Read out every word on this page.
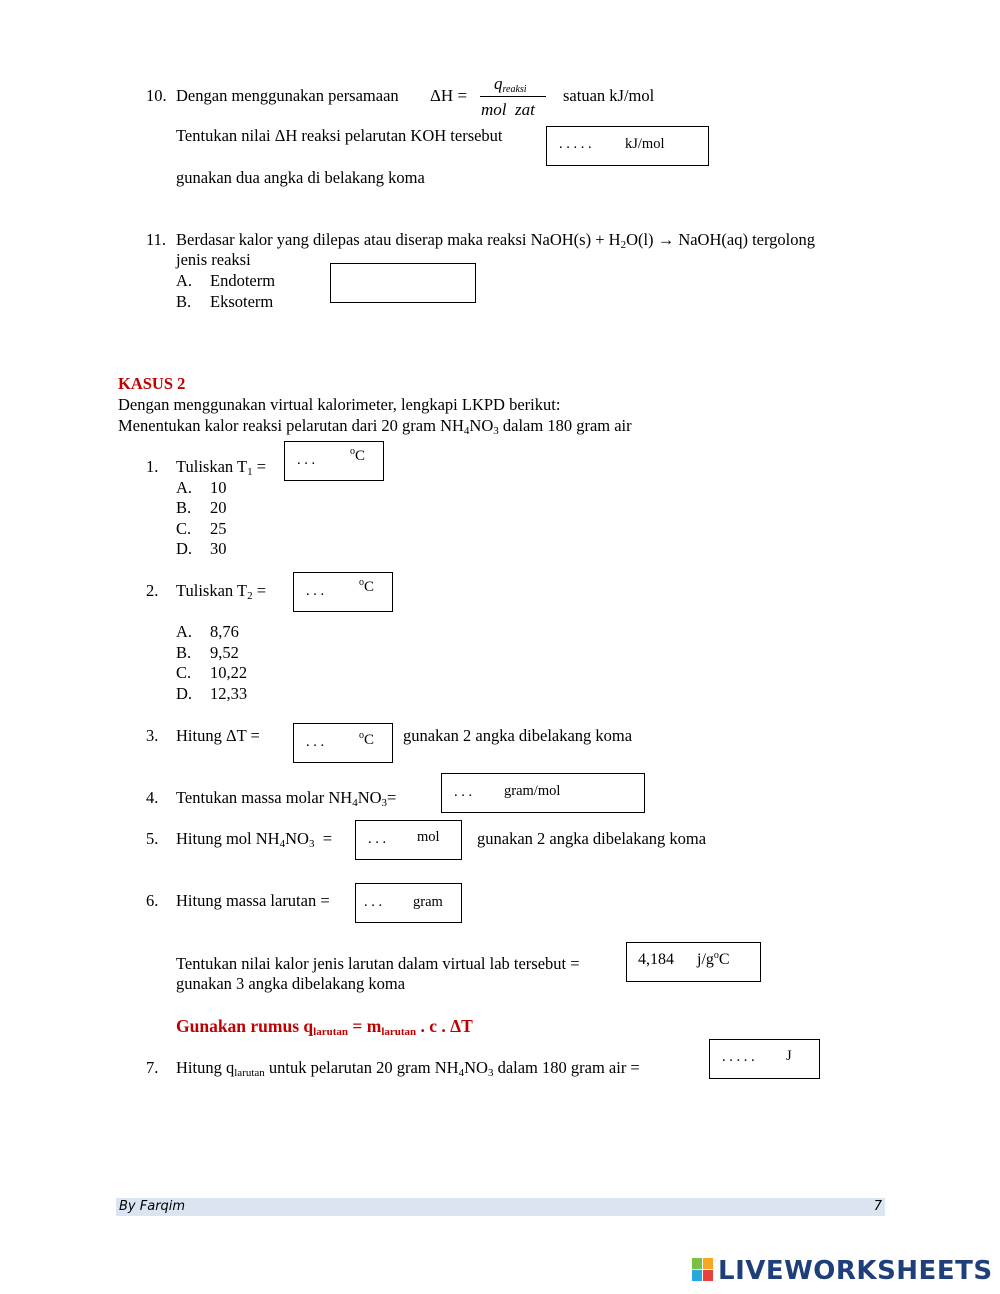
10. Dengan menggunakan persamaan ΔH =
$q_{reaksi}$
mol  zat
satuan kJ/mol
Tentukan nilai ΔH reaksi pelarutan KOH tersebut	. . . . . kJ/mol
gunakan dua angka di belakang koma
11. Berdasar kalor yang dilepas atau diserap maka reaksi NaOH(s) + $H_2O(l)$ → NaOH(aq) tergolong
jenis reaksi
A. Endoterm
B. Eksoterm
KASUS 2
Dengan menggunakan virtual kalorimeter, lengkapi LKPD berikut:
Menentukan kalor reaksi pelarutan dari 20 gram $NH_4NO_3$ dalam 180 gram air
1. Tuliskan $T_1$ = . . .
$^o$C
A. 10
B. 20
C. 25
D. 30
2. Tuliskan $T_2$ =	. . .
$^o$C
A. 8,76
B. 9,52
C. 10,22
D. 12,33
3. Hitung ΔT =	. . .	$^o$C gunakan 2 angka dibelakang koma
4. Tentukan massa molar $NH_4NO_3=$	. . . gram/mol
5. Hitung mol $NH_4NO_3$  = . . . mol gunakan 2 angka dibelakang koma
6. Hitung massa larutan = . . . gram
Tentukan nilai kalor jenis larutan dalam virtual lab tersebut =
gunakan 3 angka dibelakang koma
4,184 $j/g^oC$
Gunakan rumus $q_{larutan} = m_{larutan}$ . c . ΔT
7. Hitung $q_{larutan}$ untuk pelarutan 20 gram $NH_4NO_3$ dalam 180 gram air =
. . . . . J
By Farqim	7
LIVEWORKSHEETS
